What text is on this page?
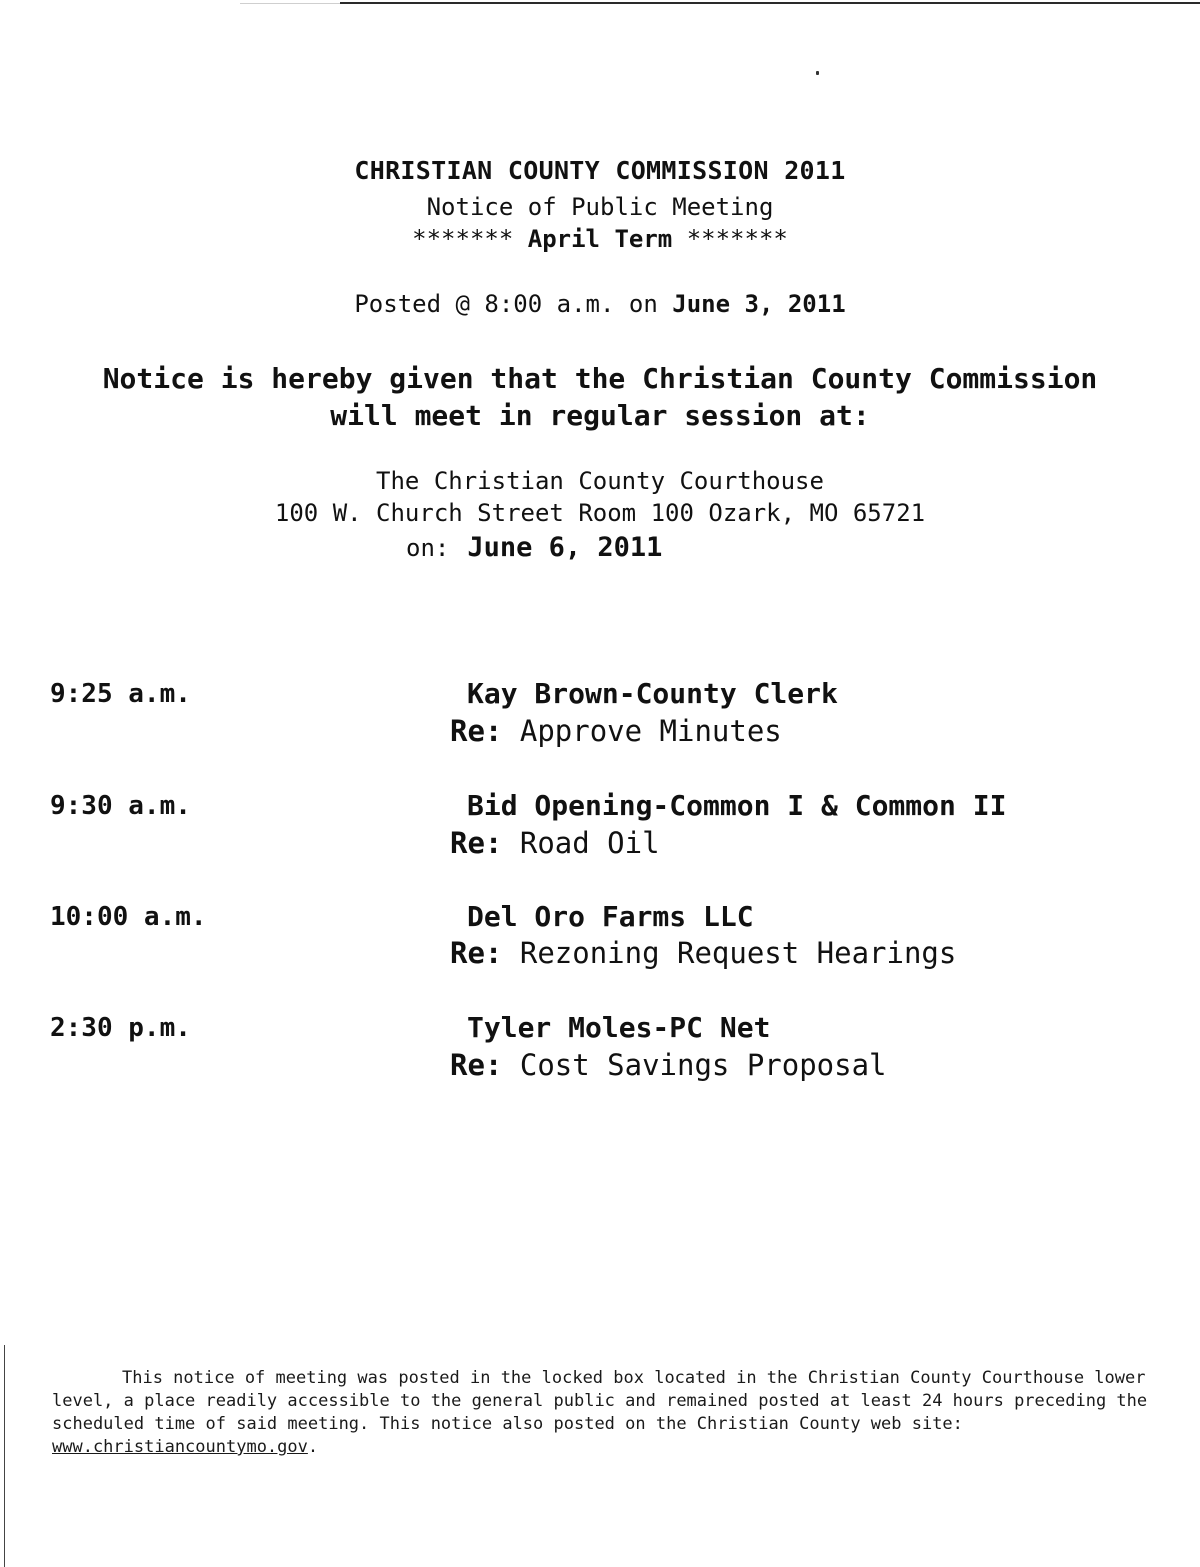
CHRISTIAN COUNTY COMMISSION 2011
Notice of Public Meeting
******* April Term *******
Posted @ 8:00 a.m. on June 3, 2011
Notice is hereby given that the Christian County Commission
will meet in regular session at:
The Christian County Courthouse
100 W. Church Street Room 100 Ozark, MO 65721
on: June 6, 2011
9:25 a.m.	Kay Brown-County Clerk
Re: Approve Minutes
9:30 a.m.	Bid Opening-Common I & Common II
Re: Road Oil
10:00 a.m.	Del Oro Farms LLC
Re: Rezoning Request Hearings
2:30 p.m.	Tyler Moles-PC Net
Re: Cost Savings Proposal

This notice of meeting was posted in the locked box located in the Christian County Courthouse lower level, a place readily accessible to the general public and remained posted at least 24 hours preceding the scheduled time of said meeting. This notice also posted on the Christian County web site: www.christiancountymo.gov.
